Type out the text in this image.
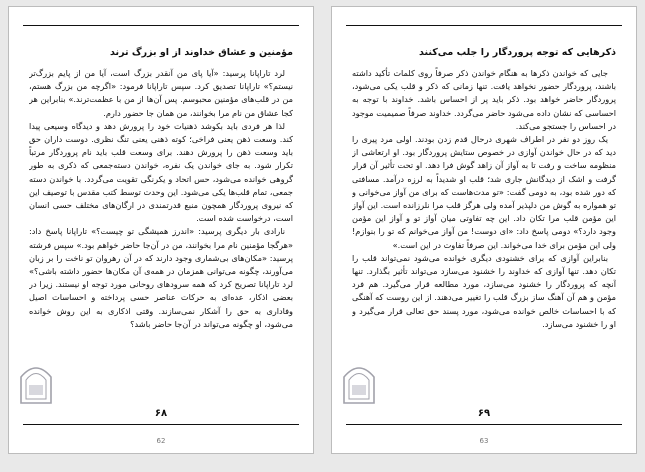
مؤمنین و عشاق خداوند از او بزرگ ترند

لرد تاراپانا پرسید: «آیا پای من آنقدر بزرگ است، آیا من از پایم بزرگ‌تر نیستم؟» تاراپانا تصدیق کرد. سپس تاراپانا فرمود: «اگرچه من بزرگ هستم، من در قلب‌های مؤمنین محبوسم. پس آن‌ها از من با عظمت‌ترند.» بنابراین هر کجا عشاق من نام مرا بخوانند، من همان جا حضور دارم.

لذا هر فردی باید بکوشد ذهنیات خود را پرورش دهد و دیدگاه وسیعی پیدا کند. وسعت ذهن یعنی فراخی؛ کوته ذهنی یعنی تنگ نظری. دوست داران حق باید وسعت ذهن را پرورش دهند. برای وسعت قلب باید نام پروردگار مرتباً تکرار شود. به جای خواندن یک نفره، خواندن دسته‌جمعی که ذکری به طور گروهی خوانده می‌شود، حس اتحاد و یکرنگی تقویت می‌گردد. با خواندن دسته جمعی، تمام قلب‌ها یکی می‌شود. این وحدت توسط کتب مقدس با توصیف این که نیروی پروردگار همچون منبع قدرتمندی در ارگان‌های مختلف حسی انسان است، درخواست شده است.

نارادی بار دیگری پرسید: «اندرز همیشگی تو چیست؟» تاراپانا پاسخ داد: «هرگجا مؤمنین نام مرا بخوانند، من در آن‌جا حاضر خواهم بود.» سپس فرشته پرسید: «مکان‌های بی‌شماری وجود دارند که در آن رهروان تو ناخت را بر زبان می‌آورند، چگونه می‌توانی همزمان در همه‌ی آن مکان‌ها حضور داشته باشی؟» لرد تاراپانا تصریح کرد که همه سرودهای روحانی مورد توجه او نیستند. زیرا در بعضی اذکار، عده‌ای به حرکات عناصر حسی پرداخته و احساسات اصیل وفاداری به حق را آشکار نمی‌سازند. وقتی اذکاری به این روش خوانده می‌شود، او چگونه می‌تواند در آن‌جا حاضر باشد؟

۶۸
62
ذکرهایی که توجه پروردگار را جلب می‌کنند

جایی که خواندن ذکرها به هنگام خواندن ذکر صرفاً روی کلمات تأکید داشته باشند، پروردگار حضور نخواهد یافت. تنها زمانی که ذکر و قلب یکی می‌شود، پروردگار حاضر خواهد بود. ذکر باید پر از احساس باشد. خداوند با توجه به احساسی که نشان داده می‌شود حاضر می‌گردد. خداوند صرفاً صمیمیت موجود در احساس را جستجو می‌کند.

یک روز دو نفر در اطراف شهری درحال قدم زدن بودند. اولی مرد پیری را دید که در حال خواندن آوازی در خصوص ستایش پروردگار بود. او ارتعاشی از منظومه ساخت و رفت تا به آواز آن زاهد گوش فرا دهد. او تحت تأثیر آن قرار گرفت و اشک از دیدگانش جاری شد؛ قلب او شدیداً به لرزه درآمد. مسافتی که دور شده بود، به دومی گفت: «تو مدت‌هاست که برای من آواز می‌خوانی و تو همواره به گوش من دلپذیر آمده ولی هرگز قلب مرا نلرزانده است. این آواز این مؤمن قلب مرا تکان داد. این چه تفاوتی میان آواز تو و آواز این مؤمن وجود دارد؟» دومی پاسخ داد: «ای دوست! من آواز می‌خوانم که تو را بنوازم! ولی این مؤمن برای خدا می‌خواند. این صرفاً تفاوت در این است.»

بنابراین آوازی که برای خشنودی دیگری خوانده می‌شود نمی‌تواند قلب را تکان دهد. تنها آوازی که خداوند را خشنود می‌سازد می‌تواند تأثیر بگذارد. تنها آنچه که پروردگار را خشنود می‌سازد، مورد مطالعه قرار می‌گیرد. هم فرد مؤمن و هم آن آهنگ ساز بزرگ قلب را تغییر می‌دهند. از این روست که آهنگی که با احساسات خالص خوانده می‌شود، مورد پسند حق تعالی قرار می‌گیرد و او را خشنود می‌سازد.

۶۹
63
